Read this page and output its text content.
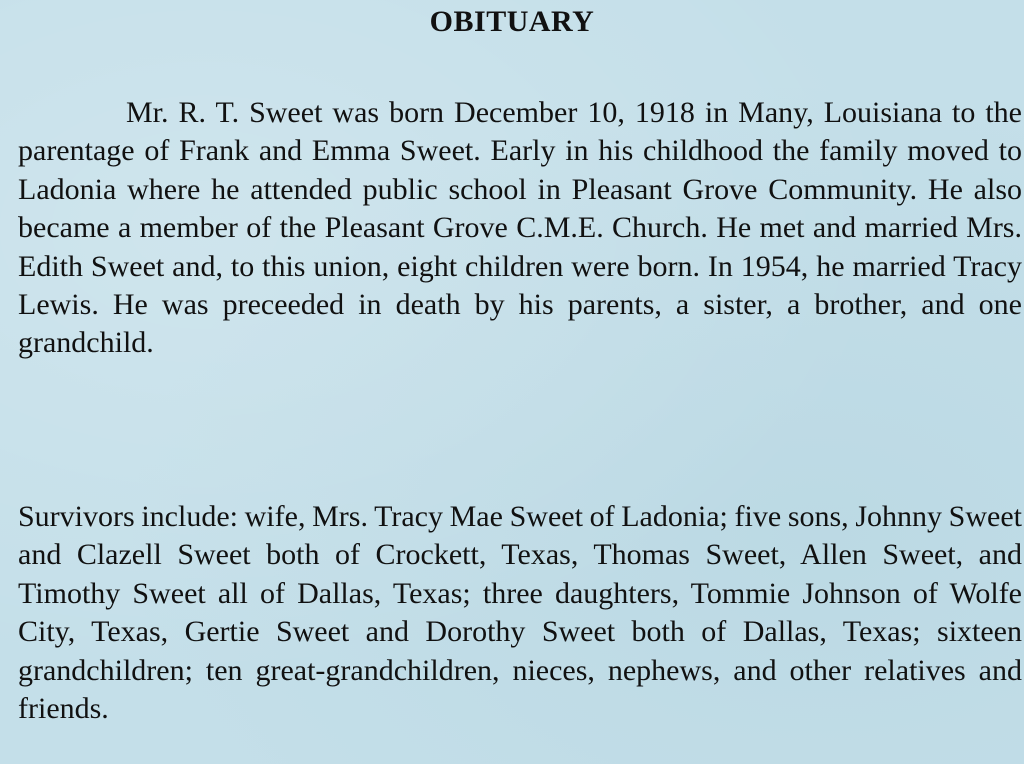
OBITUARY

Mr. R. T. Sweet was born December 10, 1918 in Many, Louisiana to the parentage of Frank and Emma Sweet. Early in his childhood the family moved to Ladonia where he attended public school in Pleasant Grove Community. He also became a member of the Pleasant Grove C.M.E. Church. He met and married Mrs. Edith Sweet and, to this union, eight children were born. In 1954, he married Tracy Lewis. He was preceeded in death by his parents, a sister, a brother, and one grandchild.

Survivors include: wife, Mrs. Tracy Mae Sweet of Ladonia; five sons, Johnny Sweet and Clazell Sweet both of Crockett, Texas, Thomas Sweet, Allen Sweet, and Timothy Sweet all of Dallas, Texas; three daughters, Tommie Johnson of Wolfe City, Texas, Gertie Sweet and Dorothy Sweet both of Dallas, Texas; sixteen grandchildren; ten great-grandchildren, nieces, nephews, and other relatives and friends.
